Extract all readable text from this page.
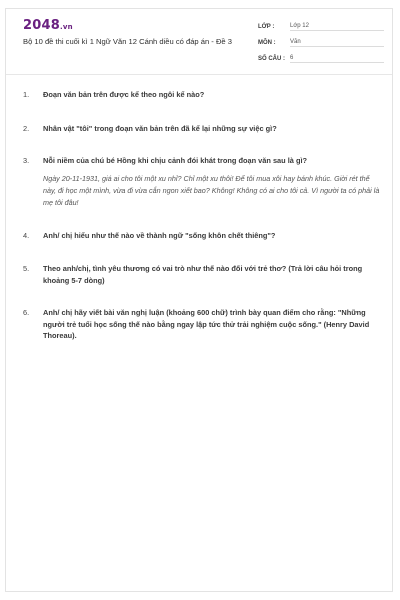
2048.vn
Bộ 10 đề thi cuối kì 1 Ngữ Văn 12 Cánh diều có đáp án - Đề 3
LỚP :	Lớp 12
MÔN :	Văn
SỐ CÂU : 6
1.	Đoạn văn bản trên được kể theo ngôi kể nào?
2.	Nhân vật "tôi" trong đoạn văn bản trên đã kể lại những sự việc gì?
3.	Nỗi niềm của chú bé Hồng khi chịu cảnh đói khát trong đoạn văn sau là gì?
Ngày 20-11-1931, giá ai cho tôi một xu nhỉ? Chỉ một xu thôi! Để tôi mua xôi hay bánh khúc. Giời rét thế này, đi học một mình, vừa đi vừa cắn ngon xiết bao? Không! Không có ai cho tôi cả. Vì người ta có phải là mẹ tôi đâu!
4.	Anh/ chị hiểu như thế nào về thành ngữ "sống khôn chết thiêng"?
5.	Theo anh/chị, tình yêu thương có vai trò như thế nào đối với trẻ thơ? (Trả lời câu hỏi trong khoảng 5-7 dòng)
6.	Anh/ chị hãy viết bài văn nghị luận (khoảng 600 chữ) trình bày quan điểm cho rằng: "Những người trẻ tuổi học sống thế nào bằng ngay lập tức thử trải nghiệm cuộc sống." (Henry David Thoreau).
